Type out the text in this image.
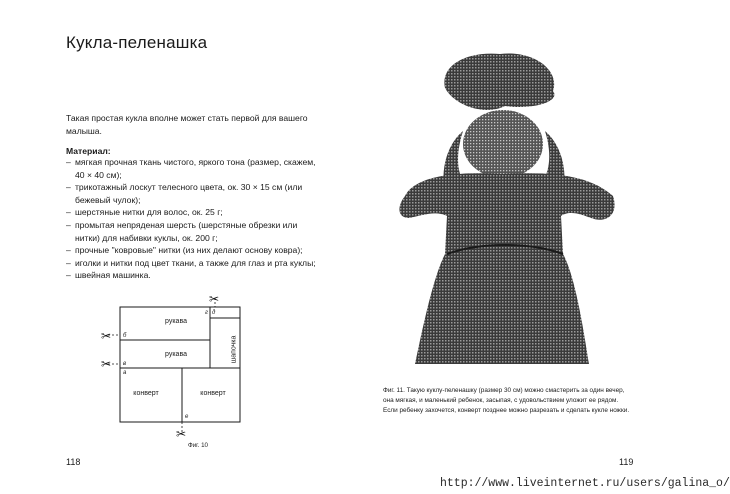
Кукла-пеленашка

Такая простая кукла вполне может стать первой для вашего малыша.

Материал:

– мягкая прочная ткань чистого, яркого тона (размер, скажем, 40 × 40 см);
– трикотажный лоскут телесного цвета, ок. 30 × 15 см (или бежевый чулок);
– шерстяные нитки для волос, ок. 25 г;
– промытая непряденая шерсть (шерстяные обрезки или нитки) для набивки куклы, ок. 200 г;
– прочные "ковровые" нитки (из них делают основу ковра);
– иголки и нитки под цвет ткани, а также для глаз и рта куклы;
– швейная машинка.
рукава
рукава	шапочка
конверт	конверт
б
в
а
г д
е
✂
✂
✂
✂

Фиг. 10

118

Фиг. 11. Такую куклу-пеленашку (размер 30 см) можно смастерить за один вечер, она мягкая, и маленький ребенок, засыпая, с удовольствием уложит ее рядом. Если ребенку захочется, конверт позднее можно разрезать и сделать кукле ножки.

119
http://www.liveinternet.ru/users/galina_o/
